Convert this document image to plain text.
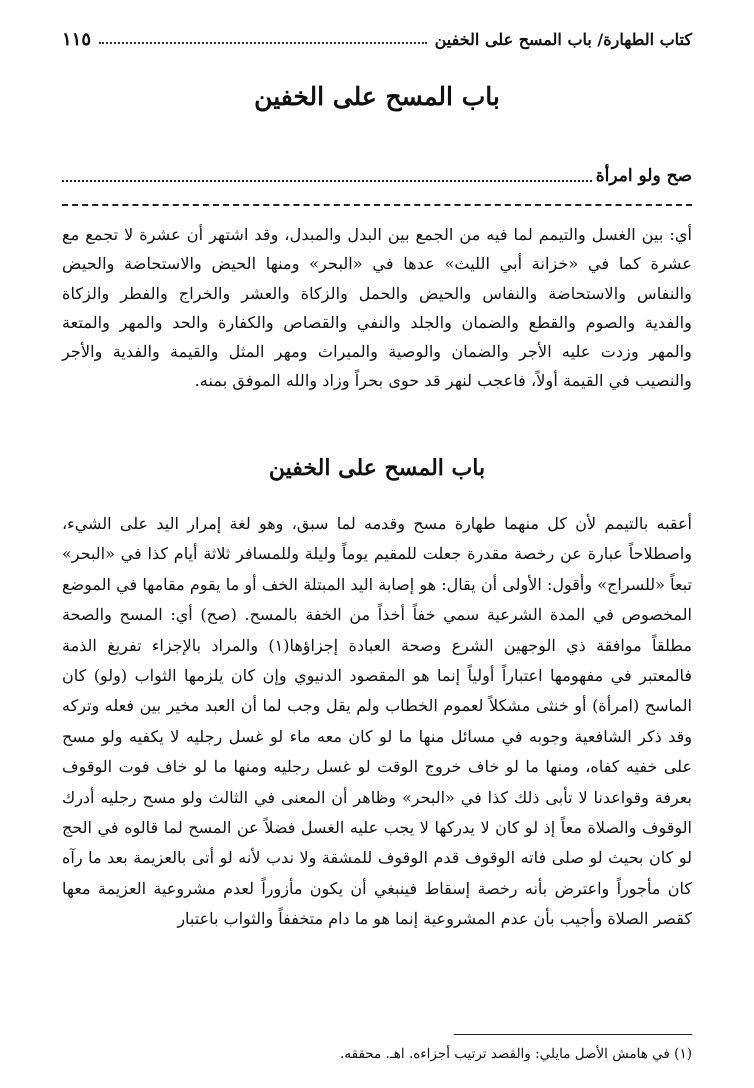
كتاب الطهارة/ باب المسح على الخفين
١١٥
باب المسح على الخفين
صح ولو امرأة
أي: بين الغسل والتيمم لما فيه من الجمع بين البدل والمبدل، وقد اشتهر أن عشرة لا تجمع مع عشرة كما في «خزانة أبي الليث» عدها في «البحر» ومنها الحيض والاستحاضة والحيض والنفاس والاستحاضة والنفاس والحيض والحمل والزكاة والعشر والخراج والفطر والزكاة والفدية والصوم والقطع والضمان والجلد والنفي والقصاص والكفارة والحد والمهر والمتعة والمهر وزدت عليه الأجر والضمان والوصية والميراث ومهر المثل والقيمة والفدية والأجر والنصيب في القيمة أولاً، فاعجب لنهر قد حوى بحراً وزاد والله الموفق بمنه.
باب المسح على الخفين
أعقبه بالتيمم لأن كل منهما طهارة مسح وقدمه لما سبق، وهو لغة إمرار اليد على الشيء، واصطلاحاً عبارة عن رخصة مقدرة جعلت للمقيم يوماً وليلة وللمسافر ثلاثة أيام كذا في «البحر» تبعاً «للسراج» وأقول: الأولى أن يقال: هو إصابة اليد المبتلة الخف أو ما يقوم مقامها في الموضع المخصوص في المدة الشرعية سمي خفاً أخذاً من الخفة بالمسح. (صح) أي: المسح والصحة مطلقاً موافقة ذي الوجهين الشرع وصحة العبادة إجزاؤها(١) والمراد بالإجزاء تفريغ الذمة فالمعتبر في مفهومها اعتباراً أولياً إنما هو المقصود الدنيوي وإن كان يلزمها الثواب (ولو) كان الماسح (امرأة) أو خنثى مشكلاً لعموم الخطاب ولم يقل وجب لما أن العبد مخير بين فعله وتركه وقد ذكر الشافعية وجوبه في مسائل منها ما لو كان معه ماء لو غسل رجليه لا يكفيه ولو مسح على خفيه كفاه، ومنها ما لو خاف خروج الوقت لو غسل رجليه ومنها ما لو خاف فوت الوقوف بعرفة وقواعدنا لا تأبى ذلك كذا في «البحر» وظاهر أن المعنى في الثالث ولو مسح رجليه أدرك الوقوف والصلاة معاً إذ لو كان لا يدركها لا يجب عليه الغسل فضلاً عن المسح لما قالوه في الحج لو كان بحيث لو صلى فاته الوقوف قدم الوقوف للمشقة ولا ندب لأنه لو أتى بالعزيمة بعد ما رآه كان مأجوراً واعترض بأنه رخصة إسقاط فينبغي أن يكون مأزوراً لعدم مشروعية العزيمة معها كقصر الصلاة وأجيب بأن عدم المشروعية إنما هو ما دام متخففاً والثواب باعتبار
(١) في هامش الأصل مايلي: والقصد ترتيب أجزاءه. اهـ. محققه.
